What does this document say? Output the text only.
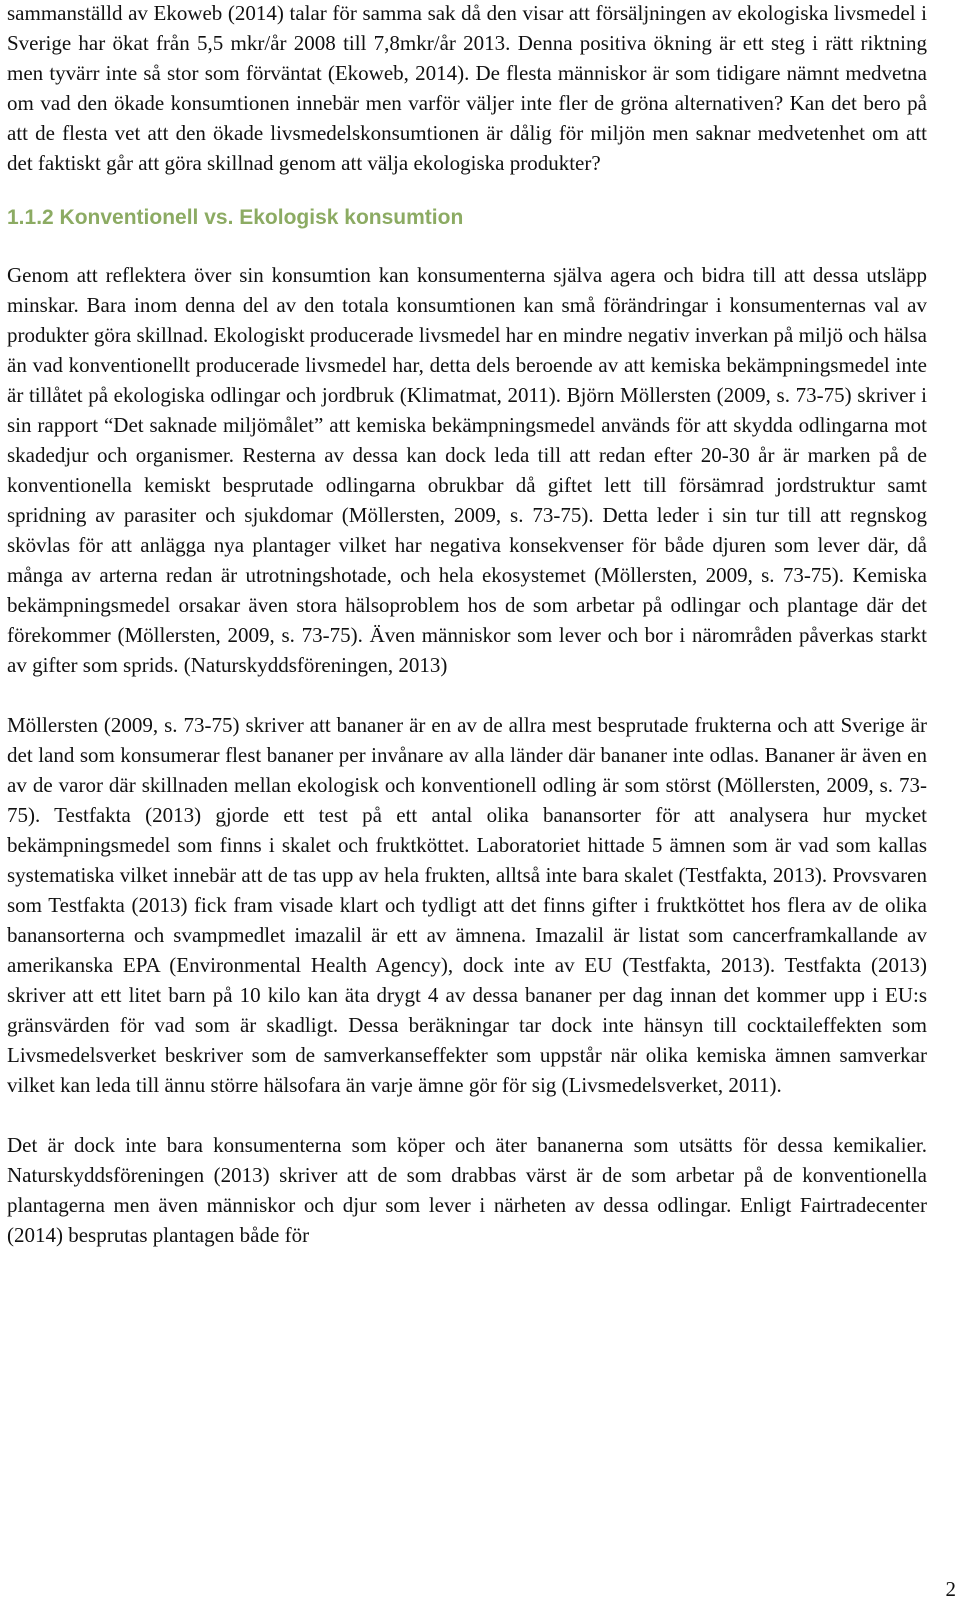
sammanställd av Ekoweb (2014) talar för samma sak då den visar att försäljningen av ekologiska livsmedel i Sverige har ökat från 5,5 mkr/år 2008 till 7,8mkr/år 2013. Denna positiva ökning är ett steg i rätt riktning men tyvärr inte så stor som förväntat (Ekoweb, 2014). De flesta människor är som tidigare nämnt medvetna om vad den ökade konsumtionen innebär men varför väljer inte fler de gröna alternativen? Kan det bero på att de flesta vet att den ökade livsmedelskonsumtionen är dålig för miljön men saknar medvetenhet om att det faktiskt går att göra skillnad genom att välja ekologiska produkter?

1.1.2 Konventionell vs. Ekologisk konsumtion

Genom att reflektera över sin konsumtion kan konsumenterna själva agera och bidra till att dessa utsläpp minskar. Bara inom denna del av den totala konsumtionen kan små förändringar i konsumenternas val av produkter göra skillnad. Ekologiskt producerade livsmedel har en mindre negativ inverkan på miljö och hälsa än vad konventionellt producerade livsmedel har, detta dels beroende av att kemiska bekämpningsmedel inte är tillåtet på ekologiska odlingar och jordbruk (Klimatmat, 2011). Björn Möllersten (2009, s. 73-75) skriver i sin rapport “Det saknade miljömålet” att kemiska bekämpningsmedel används för att skydda odlingarna mot skadedjur och organismer. Resterna av dessa kan dock leda till att redan efter 20-30 år är marken på de konventionella kemiskt besprutade odlingarna obrukbar då giftet lett till försämrad jordstruktur samt spridning av parasiter och sjukdomar (Möllersten, 2009, s. 73-75). Detta leder i sin tur till att regnskog skövlas för att anlägga nya plantager vilket har negativa konsekvenser för både djuren som lever där, då många av arterna redan är utrotningshotade, och hela ekosystemet (Möllersten, 2009, s. 73-75). Kemiska bekämpningsmedel orsakar även stora hälsoproblem hos de som arbetar på odlingar och plantage där det förekommer (Möllersten, 2009, s. 73-75). Även människor som lever och bor i närområden påverkas starkt av gifter som sprids. (Naturskyddsföreningen, 2013)

Möllersten (2009, s. 73-75) skriver att bananer är en av de allra mest besprutade frukterna och att Sverige är det land som konsumerar flest bananer per invånare av alla länder där bananer inte odlas. Bananer är även en av de varor där skillnaden mellan ekologisk och konventionell odling är som störst (Möllersten, 2009, s. 73-75). Testfakta (2013) gjorde ett test på ett antal olika banansorter för att analysera hur mycket bekämpningsmedel som finns i skalet och fruktköttet. Laboratoriet hittade 5 ämnen som är vad som kallas systematiska vilket innebär att de tas upp av hela frukten, alltså inte bara skalet (Testfakta, 2013). Provsvaren som Testfakta (2013) fick fram visade klart och tydligt att det finns gifter i fruktköttet hos flera av de olika banansorterna och svampmedlet imazalil är ett av ämnena. Imazalil är listat som cancerframkallande av amerikanska EPA (Environmental Health Agency), dock inte av EU (Testfakta, 2013). Testfakta (2013) skriver att ett litet barn på 10 kilo kan äta drygt 4 av dessa bananer per dag innan det kommer upp i EU:s gränsvärden för vad som är skadligt. Dessa beräkningar tar dock inte hänsyn till cocktaileffekten som Livsmedelsverket beskriver som de samverkanseffekter som uppstår när olika kemiska ämnen samverkar vilket kan leda till ännu större hälsofara än varje ämne gör för sig (Livsmedelsverket, 2011).

Det är dock inte bara konsumenterna som köper och äter bananerna som utsätts för dessa kemikalier. Naturskyddsföreningen (2013) skriver att de som drabbas värst är de som arbetar på de konventionella plantagerna men även människor och djur som lever i närheten av dessa odlingar. Enligt Fairtradecenter (2014) besprutas plantagen både för

2
